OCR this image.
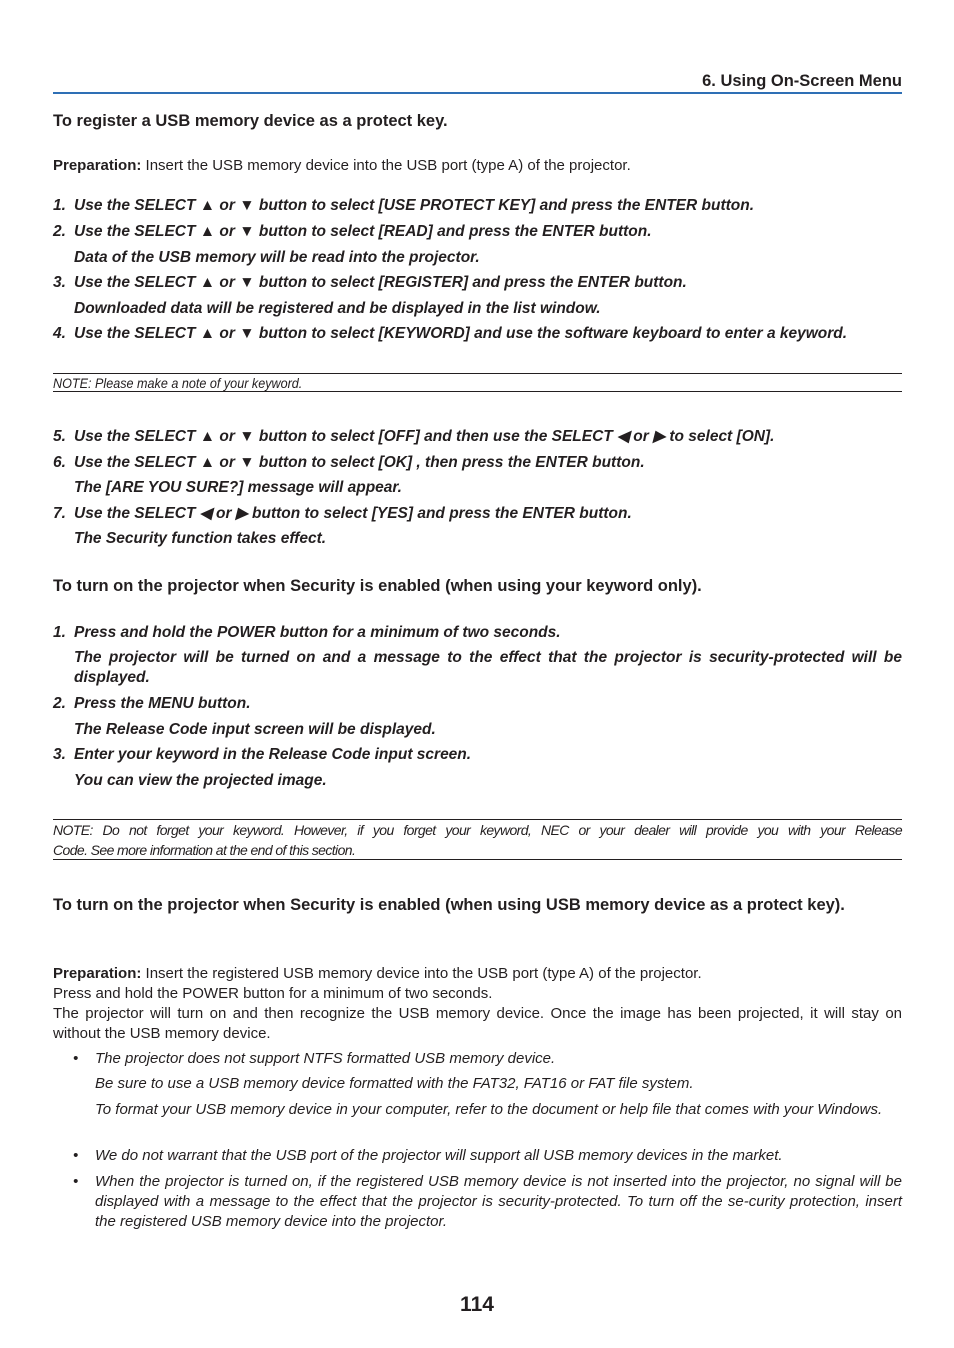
6. Using On-Screen Menu
To register a USB memory device as a protect key.
Preparation: Insert the USB memory device into the USB port (type A) of the projector.
1. Use the SELECT ▲ or ▼ button to select [USE PROTECT KEY] and press the ENTER button.
2. Use the SELECT ▲ or ▼ button to select [READ] and press the ENTER button.
Data of the USB memory will be read into the projector.
3. Use the SELECT ▲ or ▼ button to select [REGISTER] and press the ENTER button.
Downloaded data will be registered and be displayed in the list window.
4. Use the SELECT ▲ or ▼ button to select [KEYWORD] and use the software keyboard to enter a keyword.
NOTE: Please make a note of your keyword.
5. Use the SELECT ▲ or ▼ button to select [OFF] and then use the SELECT ◀ or ▶ to select [ON].
6. Use the SELECT ▲ or ▼ button to select [OK] , then press the ENTER button.
The [ARE YOU SURE?] message will appear.
7. Use the SELECT ◀ or ▶ button to select [YES] and press the ENTER button.
The Security function takes effect.
To turn on the projector when Security is enabled (when using your keyword only).
1. Press and hold the POWER button for a minimum of two seconds.
The projector will be turned on and a message to the effect that the projector is security-protected will be displayed.
2. Press the MENU button.
The Release Code input screen will be displayed.
3. Enter your keyword in the Release Code input screen.
You can view the projected image.
NOTE: Do not forget your keyword. However, if you forget your keyword, NEC or your dealer will provide you with your Release
Code. See more information at the end of this section.
To turn on the projector when Security is enabled (when using USB memory device as a protect key).
Preparation: Insert the registered USB memory device into the USB port (type A) of the projector.
Press and hold the POWER button for a minimum of two seconds.
The projector will turn on and then recognize the USB memory device. Once the image has been projected, it will stay on without the USB memory device.
• The projector does not support NTFS formatted USB memory device.
Be sure to use a USB memory device formatted with the FAT32, FAT16 or FAT file system.
To format your USB memory device in your computer, refer to the document or help file that comes with your Windows.
• We do not warrant that the USB port of the projector will support all USB memory devices in the market.
• When the projector is turned on, if the registered USB memory device is not inserted into the projector, no signal will be displayed with a message to the effect that the projector is security-protected. To turn off the se-curity protection, insert the registered USB memory device into the projector.
114
